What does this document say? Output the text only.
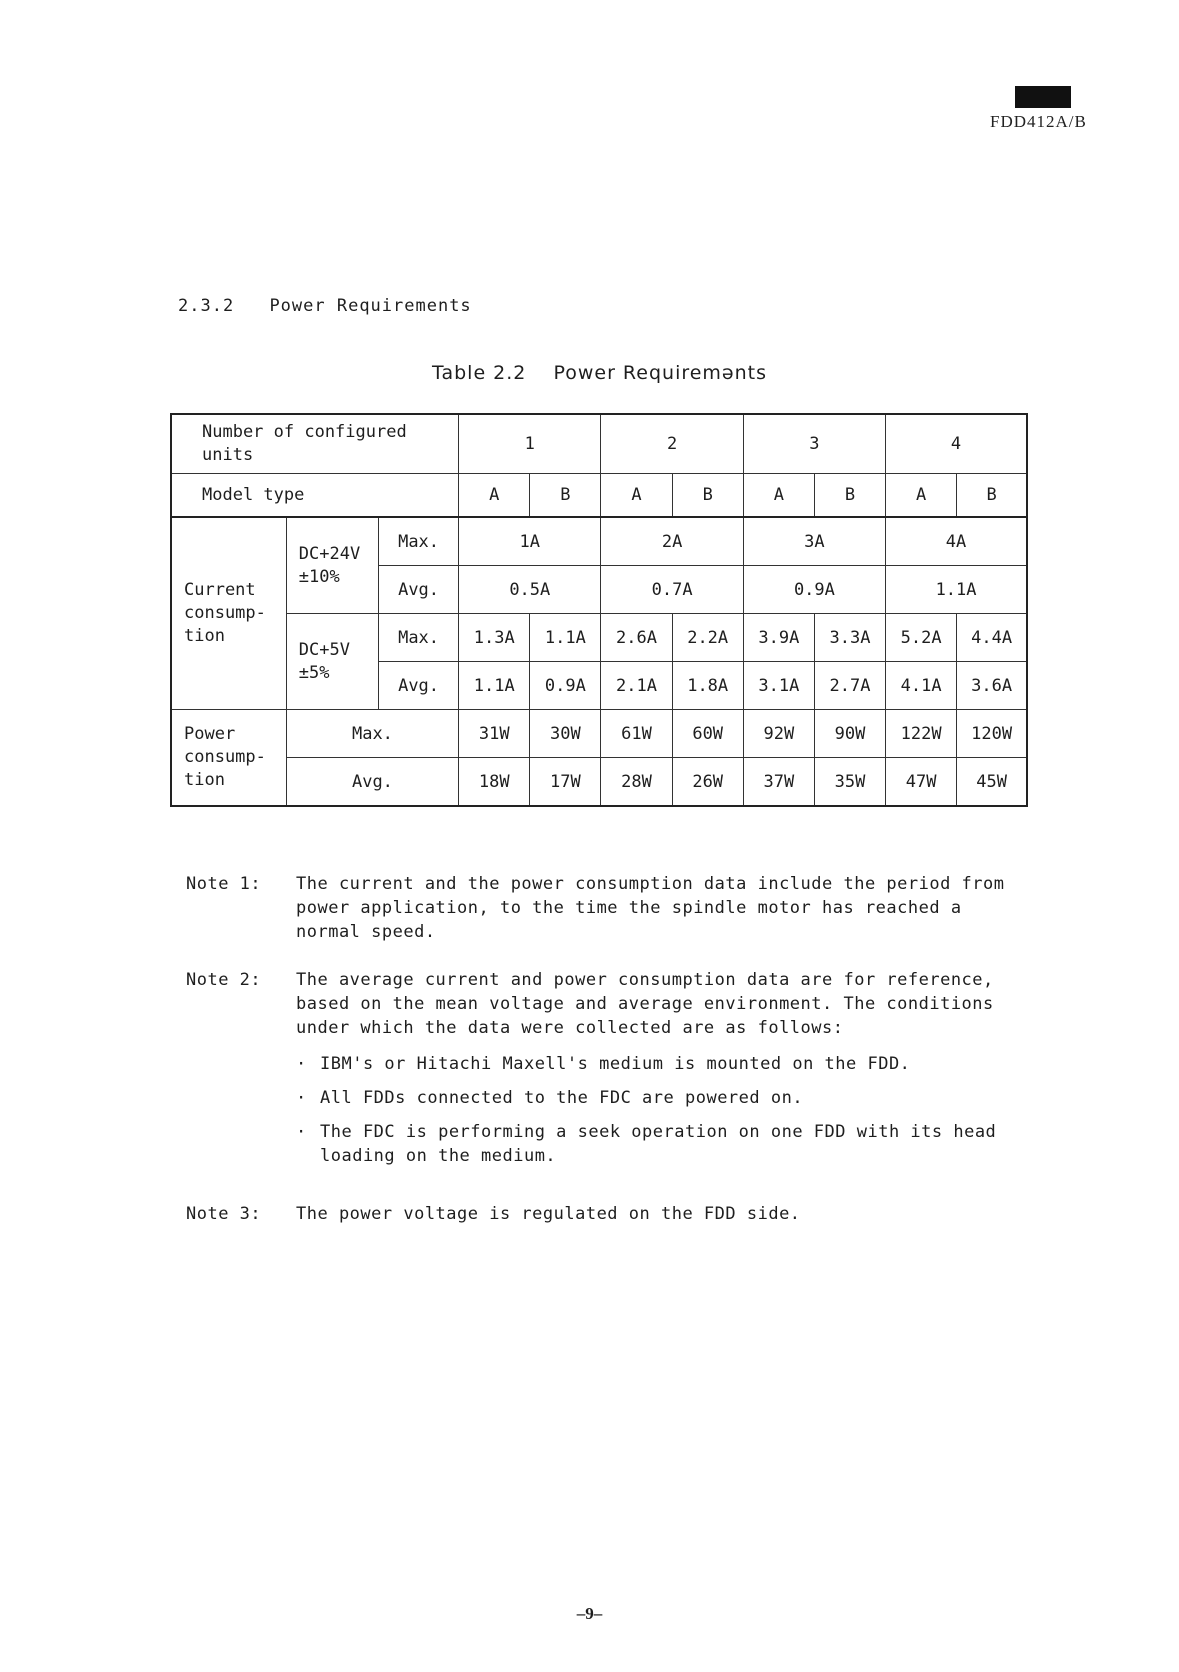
FDD412A/B
2.3.2 Power Requirements
Table 2.2 Power Requiremənts
Number of configured units			1		2		3		4	
Model type			A	B	A	B	A	B	A	B
Current consump-tion	DC+24V ±10%	Max.	1A		2A		3A		4A	
		Avg.	0.5A		0.7A		0.9A		1.1A	
	DC+5V ±5%	Max.	1.3A	1.1A	2.6A	2.2A	3.9A	3.3A	5.2A	4.4A
		Avg.	1.1A	0.9A	2.1A	1.8A	3.1A	2.7A	4.1A	3.6A
Power consump-tion	Max.		31W	30W	61W	60W	92W	90W	122W	120W
	Avg.		18W	17W	28W	26W	37W	35W	47W	45W
Note 1:	The current and the power consumption data include the period from power application, to the time the spindle motor has reached a normal speed.

Note 2:	The average current and power consumption data are for reference, based on the mean voltage and average environment. The conditions under which the data were collected are as follows:

· IBM's or Hitachi Maxell's medium is mounted on the FDD.
· All FDDs connected to the FDC are powered on.
· The FDC is performing a seek operation on one FDD with its head loading on the medium.
Note 3:	The power voltage is regulated on the FDD side.

–9–
